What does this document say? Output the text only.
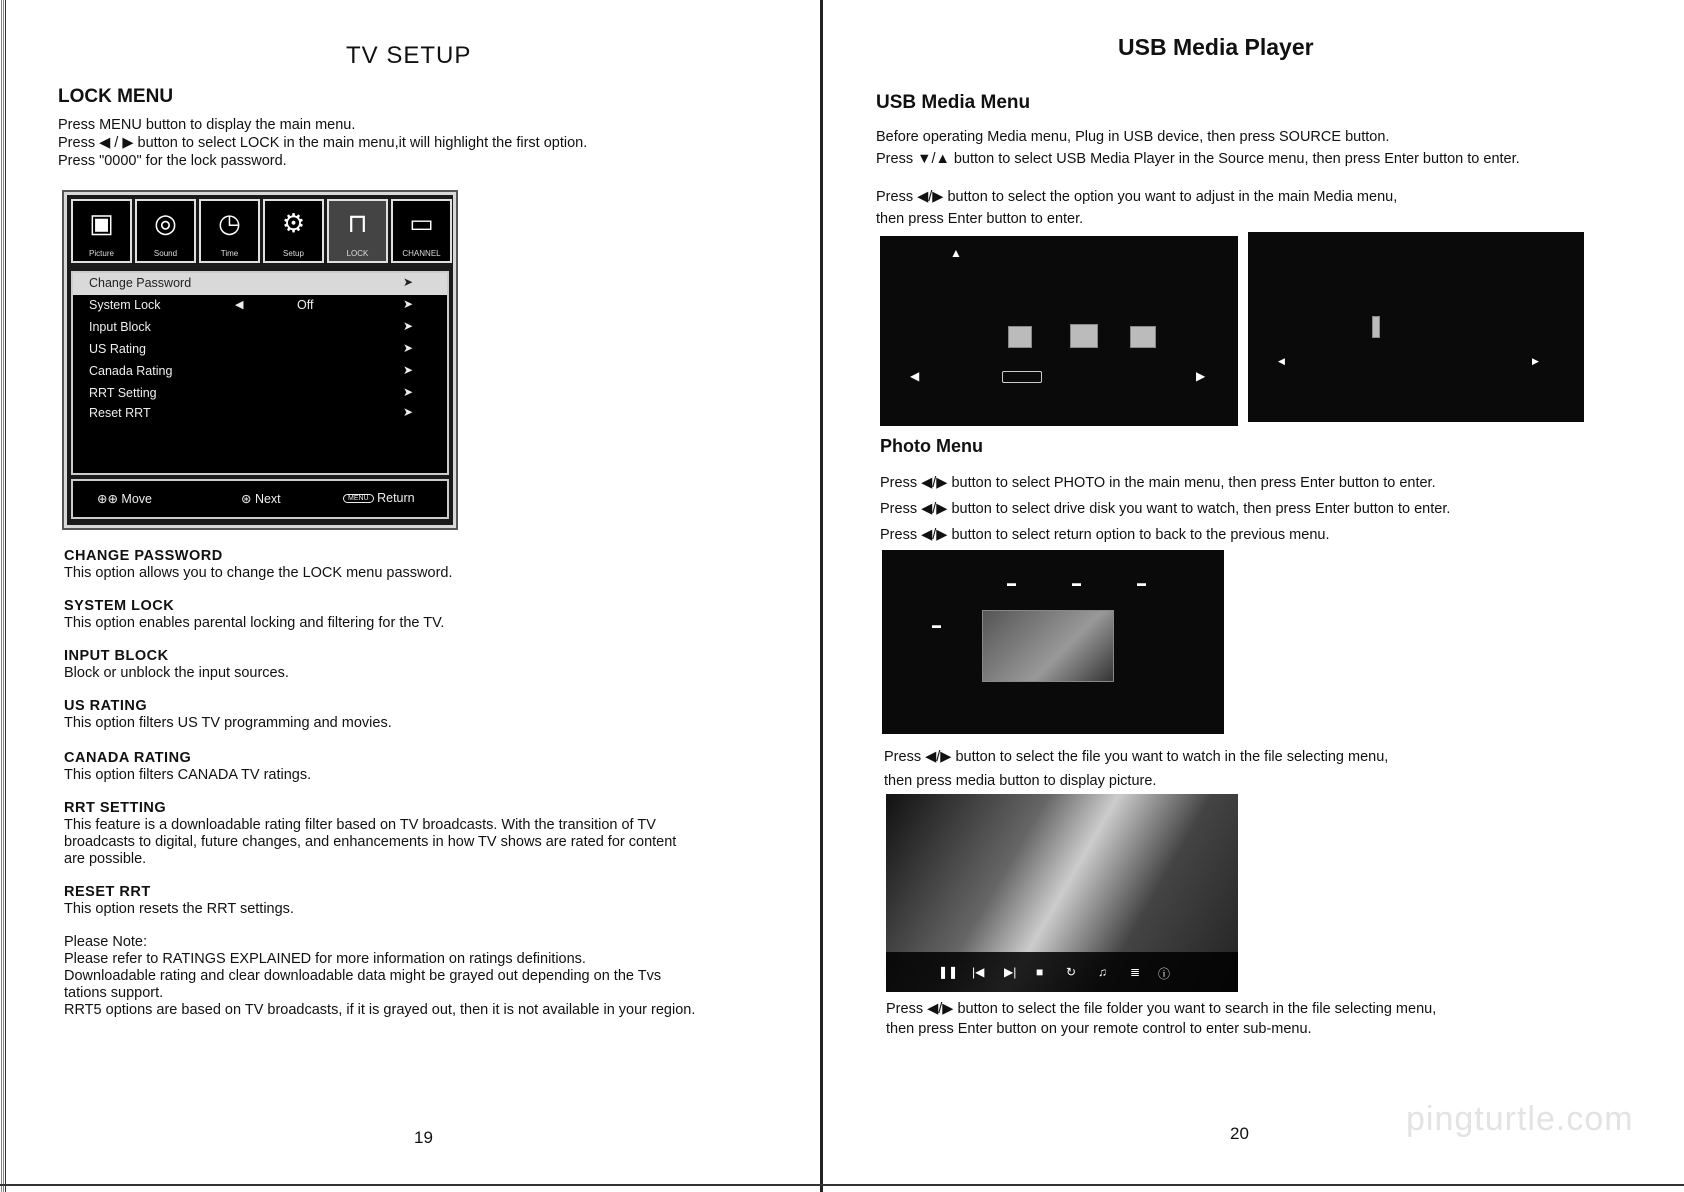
TV SETUP
LOCK MENU
Press MENU button to display the main menu.
Press ◀ / ▶ button to select LOCK in the main menu,it will highlight the first option.
Press "0000" for the lock password.
▣
Picture
◎
Sound
◷
Time
⚙
Setup
⊓
LOCK
▭
CHANNEL
Change Password	➤
System Lock	◀	Off	➤
Input Block	➤
US Rating	➤
Canada Rating	➤
RRT Setting	➤
Reset RRT	➤
⊕⊕ Move	⊛ Next	MENU Return
CHANGE PASSWORD
This option allows you to change the LOCK menu password.
SYSTEM LOCK
This option enables parental locking and filtering for the TV.
INPUT BLOCK
Block or unblock the input sources.
US RATING
This option filters US TV programming and movies.
CANADA RATING
This option filters CANADA TV ratings.
RRT SETTING
This feature is a downloadable rating filter based on TV broadcasts. With the transition of TV
broadcasts to digital, future changes, and enhancements in how TV shows are rated for content
are possible.
RESET RRT
This option resets the RRT settings.
Please Note:
Please refer to RATINGS EXPLAINED for more information on ratings definitions.
Downloadable rating and clear downloadable data might be grayed out depending on the Tvs
tations support.
RRT5 options are based on TV broadcasts, if it is grayed out, then it is not available in your region.
19
USB Media Player
USB Media Menu
Before operating Media menu, Plug in USB device, then press SOURCE button.
Press ▼/▲ button to select USB Media Player in the Source menu, then press Enter button to enter.
Press ◀/▶ button to select the option you want to adjust in the main Media menu,
then press Enter button to enter.
▲
◀	▶
◀	▶
Photo Menu
Press ◀/▶ button to select PHOTO in the main menu, then press Enter button to enter.
Press ◀/▶ button to select drive disk you want to watch, then press Enter button to enter.
Press ◀/▶ button to select return option to back to the previous menu.
▬
▬	▬	▬
Press ◀/▶ button to select the file you want to watch in the file selecting menu,
then press media button to display picture.
❚❚ |◀ ▶| ■ ↻ ♫ ≣ ⓘ
Press ◀/▶ button to select the file folder you want to search in the file selecting menu,
then press Enter button on your remote control to enter sub-menu.
20	pingturtle.com
